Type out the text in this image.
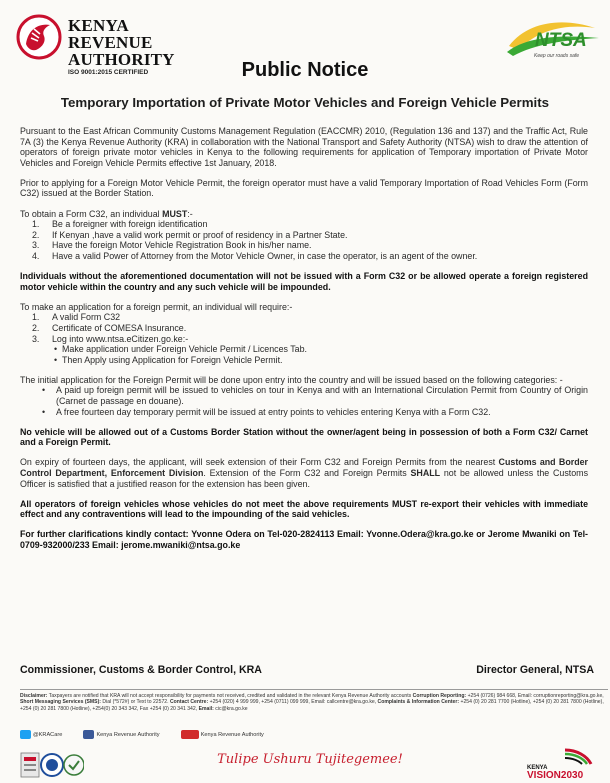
KENYA REVENUE
AUTHORITY
ISO 9001:2015 CERTIFIED
NTSA
Keep our roads safe
Public Notice
Temporary Importation of Private Motor Vehicles and Foreign Vehicle Permits

Pursuant to the East African Community Customs Management Regulation (EACCMR) 2010, (Regulation 136 and 137) and the Traffic Act, Rule 7A (3) the Kenya Revenue Authority (KRA) in collaboration with the National Transport and Safety Authority (NTSA) wish to draw the attention of operators of foreign private motor vehicles in Kenya to the following requirements for application of Temporary importation of Private Motor Vehicles and Foreign Vehicle Permits effective 1st January, 2018.

Prior to applying for a Foreign Motor Vehicle Permit, the foreign operator must have a valid Temporary Importation of Road Vehicles Form (Form C32) issued at the Border Station.

To obtain a Form C32, an individual MUST:-

1. Be a foreigner with foreign identification
2. If Kenyan ,have a valid work permit or proof of residency in a Partner State.
3. Have the foreign Motor Vehicle Registration Book in his/her name.
4. Have a valid Power of Attorney from the Motor Vehicle Owner, in case the operator, is an agent of the owner.

Individuals without the aforementioned documentation will not be issued with a Form C32 or be allowed operate a foreign registered motor vehicle within the country and any such vehicle will be impounded.

To make an application for a foreign permit, an individual will require:-

1. A valid Form C32
2. Certificate of COMESA Insurance.
3. Log into www.ntsa.eCitizen.go.ke:-
• Make application under Foreign Vehicle Permit / Licences Tab.
• Then Apply using Application for Foreign Vehicle Permit.

The initial application for the Foreign Permit will be done upon entry into the country and will be issued based on the following categories: -

• A paid up foreign permit will be issued to vehicles on tour in Kenya and with an International Circulation Permit from Country of Origin (Carnet de passage en douane).
• A free fourteen day temporary permit will be issued at entry points to vehicles entering Kenya with a Form C32.

No vehicle will be allowed out of a Customs Border Station without the owner/agent being in possession of both a Form C32/ Carnet and a Foreign Permit.

On expiry of fourteen days, the applicant, will seek extension of their Form C32 and Foreign Permits from the nearest Customs and Border Control Department, Enforcement Division. Extension of the Form C32 and Foreign Permits SHALL not be allowed unless the Customs Officer is satisfied that a justified reason for the extension has been given.

All operators of foreign vehicles whose vehicles do not meet the above requirements MUST re-export their vehicles with immediate effect and any contraventions will lead to the impounding of the said vehicles.

For further clarifications kindly contact: Yvonne Odera on Tel-020-2824113 Email: Yvonne.Odera@kra.go.ke or Jerome Mwaniki on Tel-0709-932000/233 Email: jerome.mwaniki@ntsa.go.ke

Commissioner, Customs & Border Control, KRA	Director General, NTSA
Disclaimer: Taxpayers are notified that KRA will not accept responsibility for payments not received, credited and validated in the relevant Kenya Revenue Authority accounts Corruption Reporting: +254 (0726) 984 668, Email: corruptionreporting@kra.go.ke, Short Messaging Services (SMS): Dial (*572#) or Text to 22572. Contact Centre: +254 (020) 4 999 999, +254 (0711) 099 999, Email: callcentre@kra.go.ke, Complaints & Information Center: +254 (0) 20 281 7700 (Hotline), +254 (0) 20 281 7800 (Hotline), +254 (0) 20 281 7800 (Hotline), +254(0) 20 343 342, Fax +254 (0) 20 341 342, Email: cic@kra.go.ke
@KRACare	Kenya Revenue Authority	Kenya Revenue Authority
Tulipe Ushuru Tujitegemee!
KENYA
VISION2030
